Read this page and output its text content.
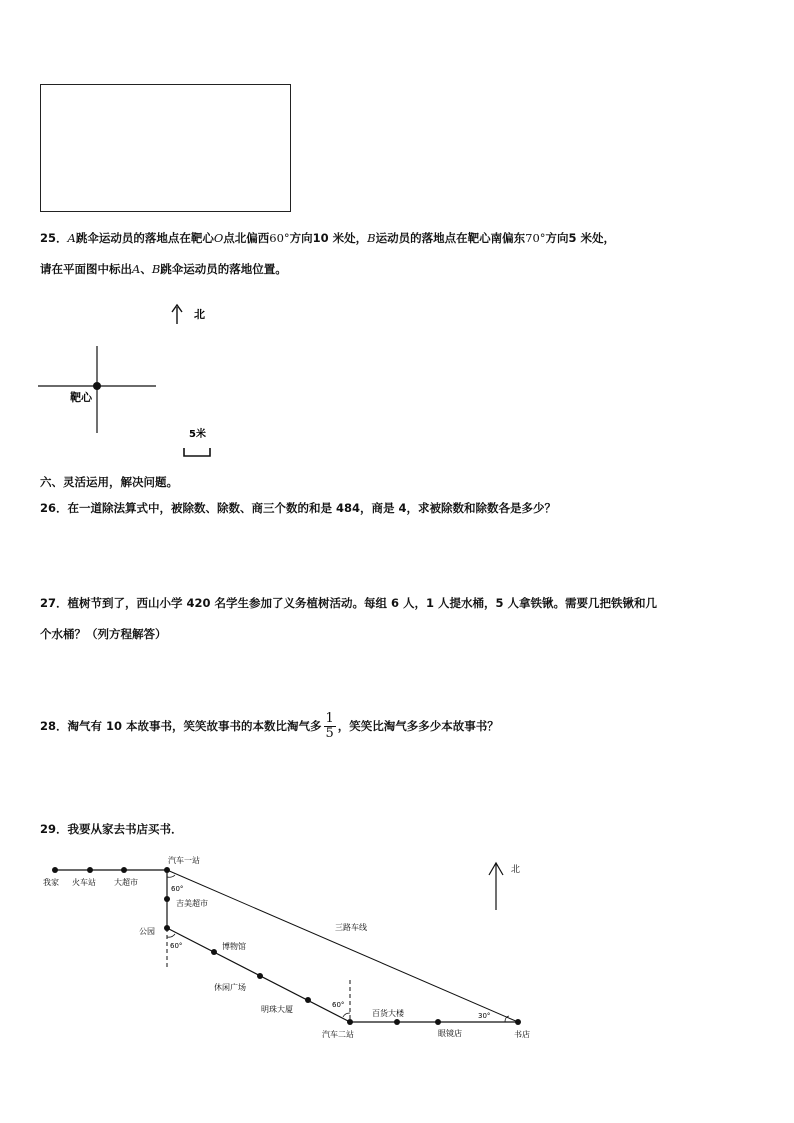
25．A跳伞运动员的落地点在靶心O点北偏西60°方向10 米处，B运动员的落地点在靶心南偏东70°方向5 米处，
请在平面图中标出A、B跳伞运动员的落地位置。
北
靶心
5米
六、灵活运用，解决问题。
26．在一道除法算式中，被除数、除数、商三个数的和是 484，商是 4，求被除数和除数各是多少？
27．植树节到了，西山小学 420 名学生参加了义务植树活动。每组 6 人，1 人提水桶，5 人拿铁锹。需要几把铁锹和几
个水桶？（列方程解答）
28．淘气有 10 本故事书，笑笑故事书的本数比淘气多 $\frac{1}{5}$ ，笑笑比淘气多多少本故事书？
29．我要从家去书店买书．
我家 火车站 大超市
汽车一站
吉美超市
公园
60°
60°	博物馆
休闲广场
明珠大厦	60°
汽车二站
百货大楼
眼镜店	书店
三路车线
30°
北
